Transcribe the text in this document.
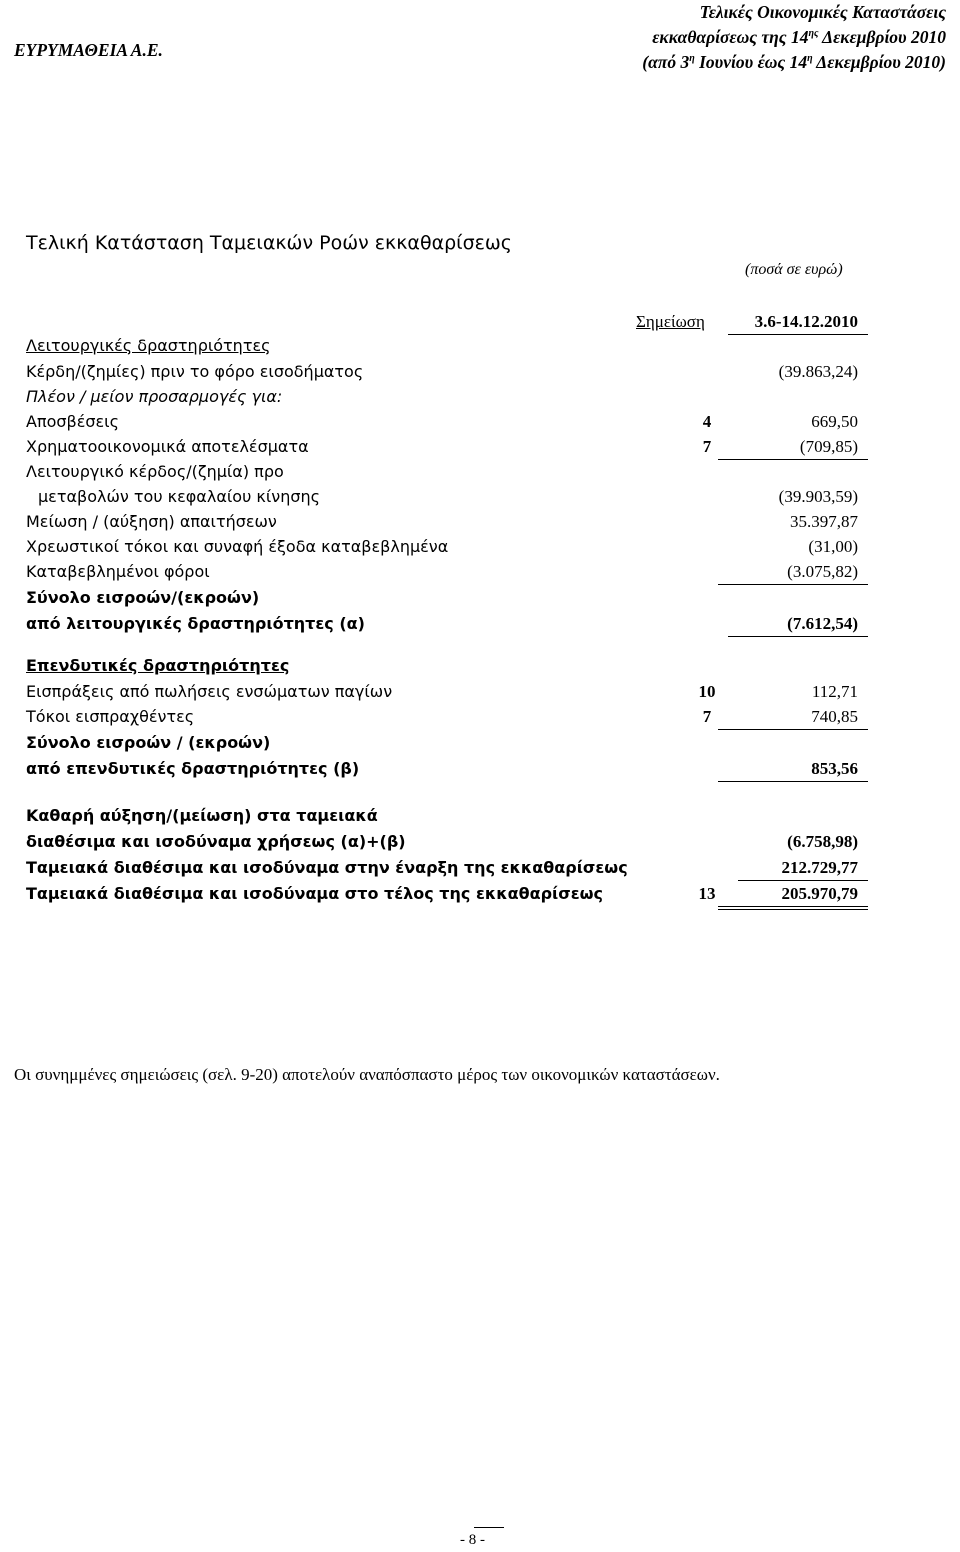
ΕΥΡΥΜΑΘΕΙΑ Α.Ε.
Τελικές Οικονομικές Καταστάσεις
εκκαθαρίσεως της $14^{\eta\varsigma}$ Δεκεμβρίου 2010
(από $3^\eta$ Ιουνίου έως $14^\eta$ Δεκεμβρίου 2010)
Τελική Κατάσταση Ταμειακών Ροών εκκαθαρίσεως
(ποσά σε ευρώ)
Σημείωση	3.6-14.12.2010
Λειτουργικές δραστηριότητες
Κέρδη/(ζημίες) πριν το φόρο εισοδήματος	(39.863,24)
Πλέον / μείον προσαρμογές για:
Αποσβέσεις	4	669,50
Χρηματοοικονομικά αποτελέσματα	7	(709,85)
Λειτουργικό κέρδος/(ζημία) προ
μεταβολών του κεφαλαίου κίνησης	(39.903,59)
Μείωση / (αύξηση) απαιτήσεων	35.397,87
Χρεωστικοί τόκοι και συναφή έξοδα καταβεβλημένα	(31,00)
Καταβεβλημένοι φόροι	(3.075,82)
Σύνολο εισροών/(εκροών)
από λειτουργικές δραστηριότητες (α)	(7.612,54)
Επενδυτικές δραστηριότητες
Εισπράξεις από πωλήσεις ενσώματων παγίων	10	112,71
Τόκοι εισπραχθέντες	7	740,85
Σύνολο εισροών / (εκροών)
από επενδυτικές δραστηριότητες (β)	853,56
Καθαρή αύξηση/(μείωση) στα ταμειακά
διαθέσιμα και ισοδύναμα χρήσεως (α)+(β)	(6.758,98)
Ταμειακά διαθέσιμα και ισοδύναμα στην έναρξη της εκκαθαρίσεως	212.729,77
Ταμειακά διαθέσιμα και ισοδύναμα στο τέλος της εκκαθαρίσεως	13	205.970,79
Οι συνημμένες σημειώσεις (σελ. 9-20) αποτελούν αναπόσπαστο μέρος των οικονομικών καταστάσεων.
- 8 -
